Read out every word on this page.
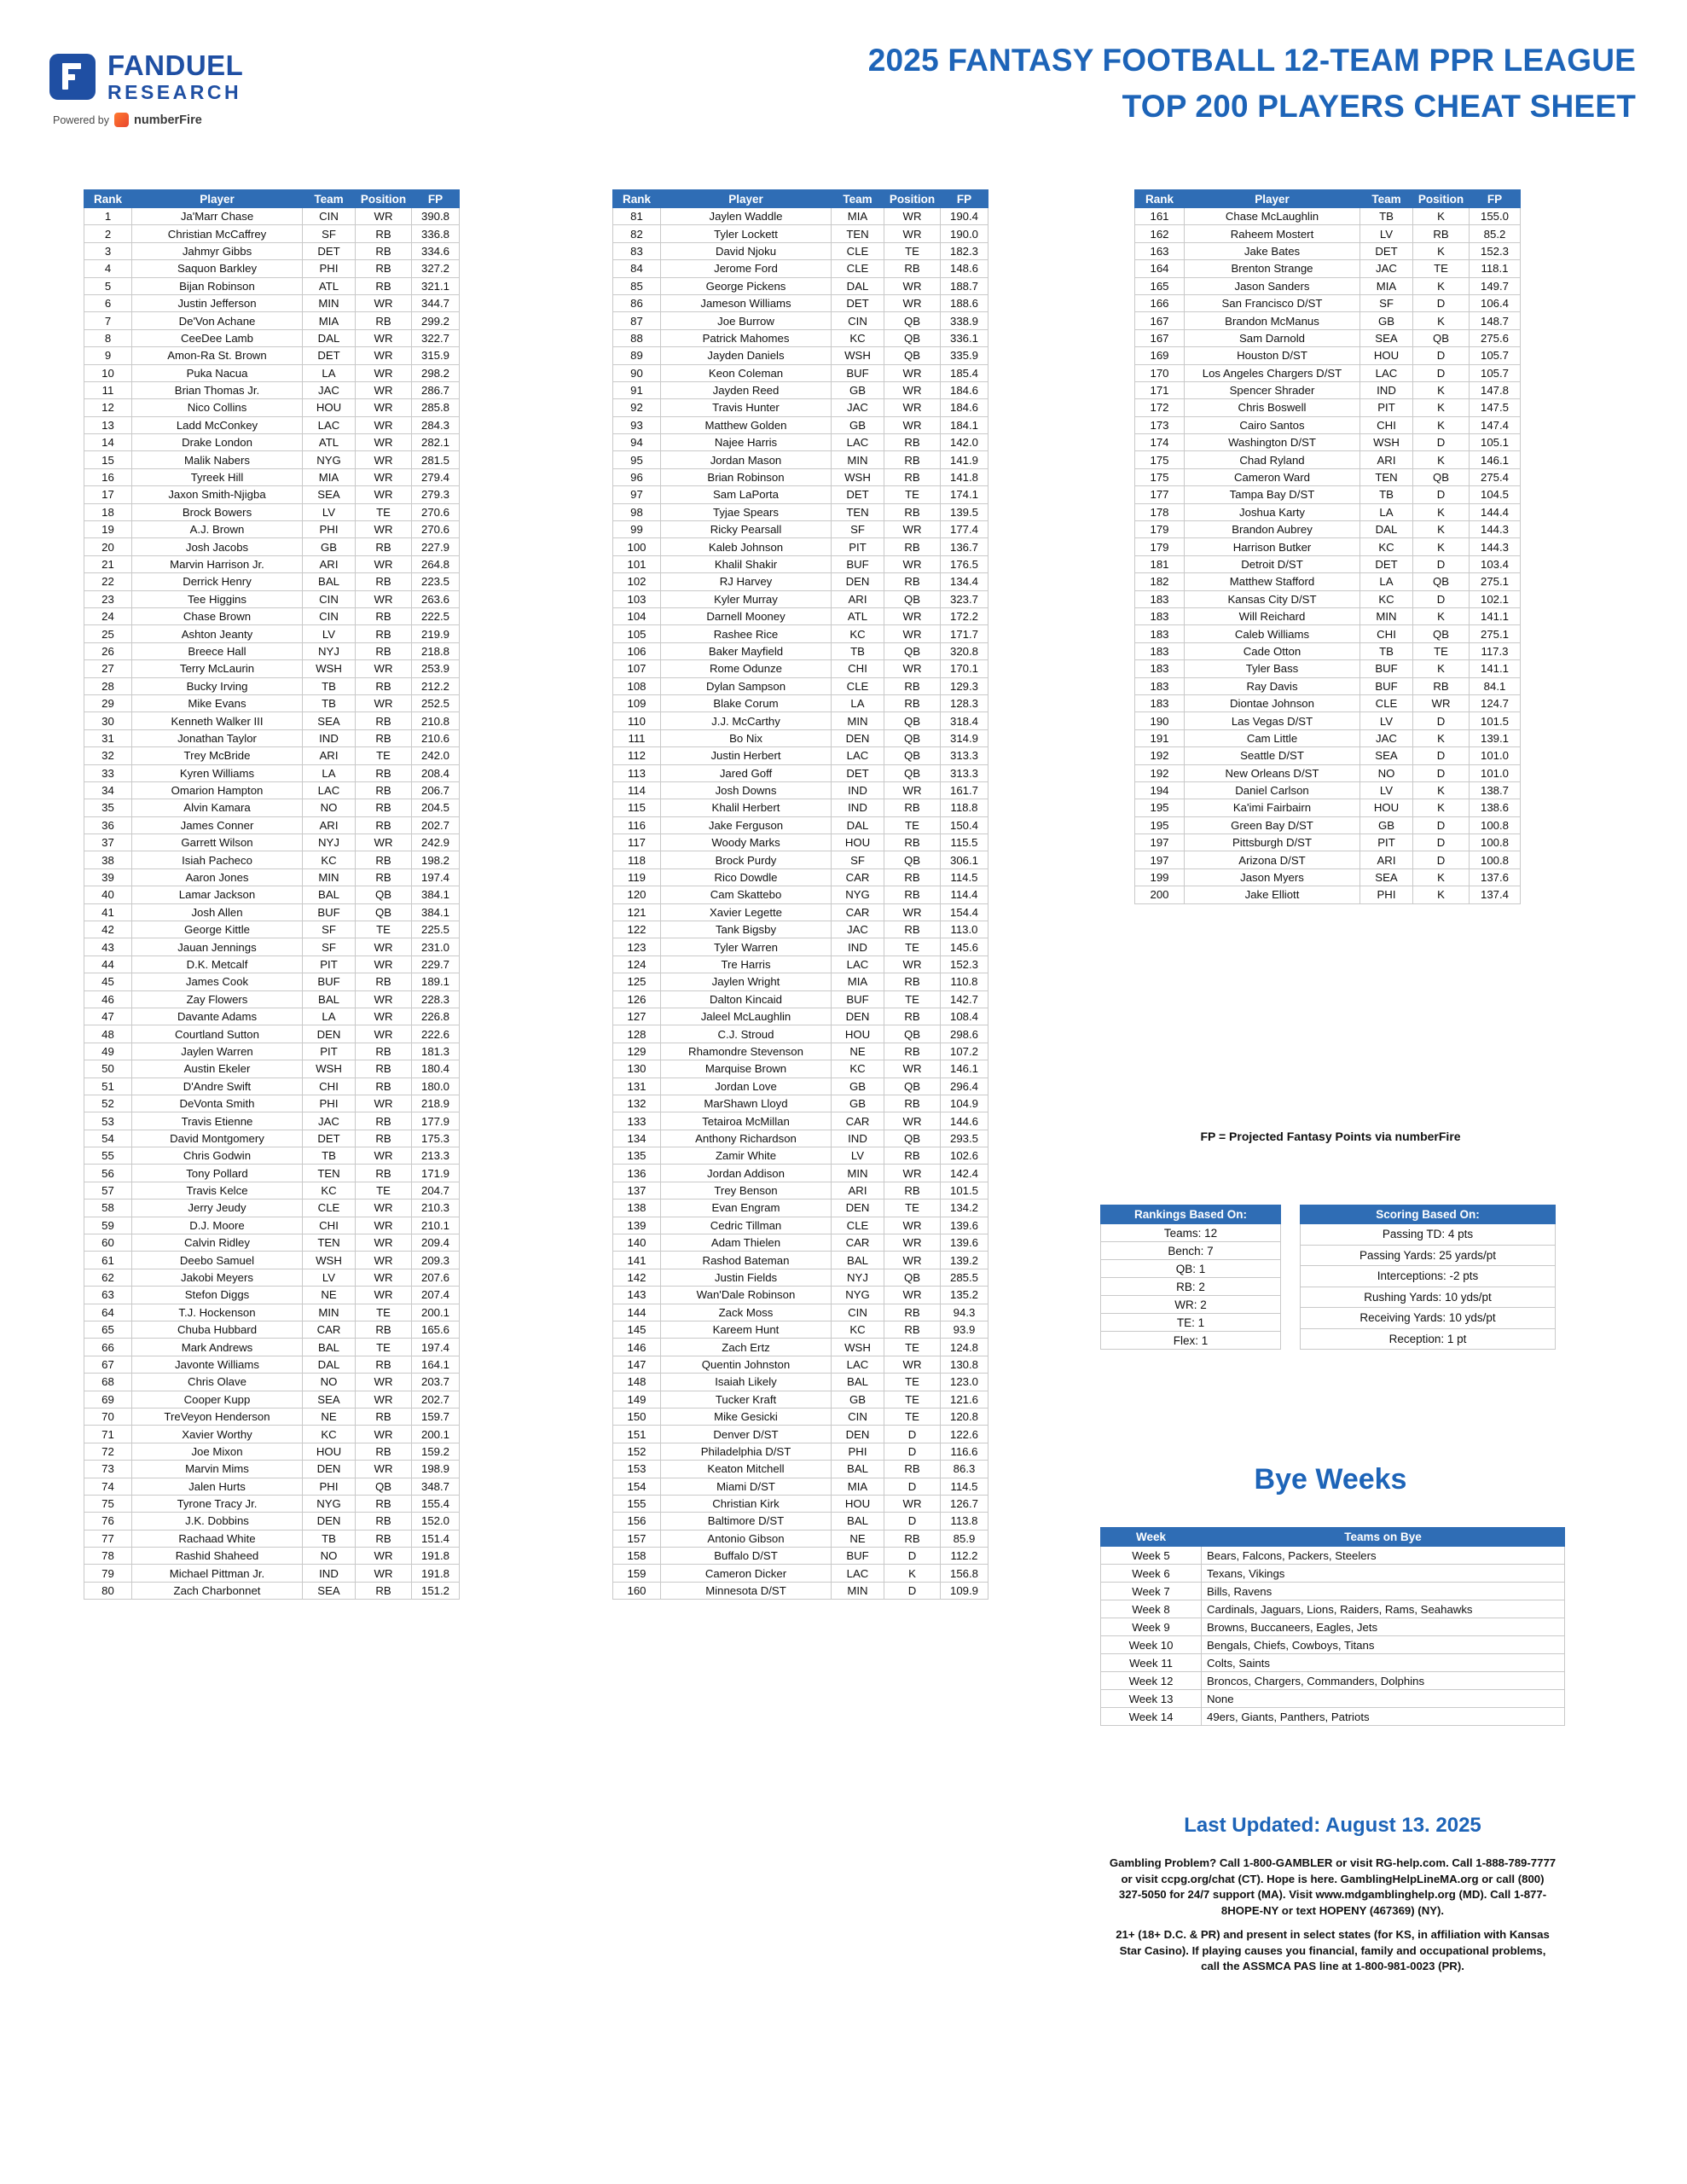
FANDUEL
RESEARCH
Powered by numberFire
2025 FANTASY FOOTBALL 12-TEAM PPR LEAGUE
TOP 200 PLAYERS CHEAT SHEET
Rank	Player	Team	Position	FP
1	Ja'Marr Chase	CIN	WR	390.8
2	Christian McCaffrey	SF	RB	336.8
3	Jahmyr Gibbs	DET	RB	334.6
4	Saquon Barkley	PHI	RB	327.2
5	Bijan Robinson	ATL	RB	321.1
6	Justin Jefferson	MIN	WR	344.7
7	De'Von Achane	MIA	RB	299.2
8	CeeDee Lamb	DAL	WR	322.7
9	Amon-Ra St. Brown	DET	WR	315.9
10	Puka Nacua	LA	WR	298.2
11	Brian Thomas Jr.	JAC	WR	286.7
12	Nico Collins	HOU	WR	285.8
13	Ladd McConkey	LAC	WR	284.3
14	Drake London	ATL	WR	282.1
15	Malik Nabers	NYG	WR	281.5
16	Tyreek Hill	MIA	WR	279.4
17	Jaxon Smith-Njigba	SEA	WR	279.3
18	Brock Bowers	LV	TE	270.6
19	A.J. Brown	PHI	WR	270.6
20	Josh Jacobs	GB	RB	227.9
21	Marvin Harrison Jr.	ARI	WR	264.8
22	Derrick Henry	BAL	RB	223.5
23	Tee Higgins	CIN	WR	263.6
24	Chase Brown	CIN	RB	222.5
25	Ashton Jeanty	LV	RB	219.9
26	Breece Hall	NYJ	RB	218.8
27	Terry McLaurin	WSH	WR	253.9
28	Bucky Irving	TB	RB	212.2
29	Mike Evans	TB	WR	252.5
30	Kenneth Walker III	SEA	RB	210.8
31	Jonathan Taylor	IND	RB	210.6
32	Trey McBride	ARI	TE	242.0
33	Kyren Williams	LA	RB	208.4
34	Omarion Hampton	LAC	RB	206.7
35	Alvin Kamara	NO	RB	204.5
36	James Conner	ARI	RB	202.7
37	Garrett Wilson	NYJ	WR	242.9
38	Isiah Pacheco	KC	RB	198.2
39	Aaron Jones	MIN	RB	197.4
40	Lamar Jackson	BAL	QB	384.1
41	Josh Allen	BUF	QB	384.1
42	George Kittle	SF	TE	225.5
43	Jauan Jennings	SF	WR	231.0
44	D.K. Metcalf	PIT	WR	229.7
45	James Cook	BUF	RB	189.1
46	Zay Flowers	BAL	WR	228.3
47	Davante Adams	LA	WR	226.8
48	Courtland Sutton	DEN	WR	222.6
49	Jaylen Warren	PIT	RB	181.3
50	Austin Ekeler	WSH	RB	180.4
51	D'Andre Swift	CHI	RB	180.0
52	DeVonta Smith	PHI	WR	218.9
53	Travis Etienne	JAC	RB	177.9
54	David Montgomery	DET	RB	175.3
55	Chris Godwin	TB	WR	213.3
56	Tony Pollard	TEN	RB	171.9
57	Travis Kelce	KC	TE	204.7
58	Jerry Jeudy	CLE	WR	210.3
59	D.J. Moore	CHI	WR	210.1
60	Calvin Ridley	TEN	WR	209.4
61	Deebo Samuel	WSH	WR	209.3
62	Jakobi Meyers	LV	WR	207.6
63	Stefon Diggs	NE	WR	207.4
64	T.J. Hockenson	MIN	TE	200.1
65	Chuba Hubbard	CAR	RB	165.6
66	Mark Andrews	BAL	TE	197.4
67	Javonte Williams	DAL	RB	164.1
68	Chris Olave	NO	WR	203.7
69	Cooper Kupp	SEA	WR	202.7
70	TreVeyon Henderson	NE	RB	159.7
71	Xavier Worthy	KC	WR	200.1
72	Joe Mixon	HOU	RB	159.2
73	Marvin Mims	DEN	WR	198.9
74	Jalen Hurts	PHI	QB	348.7
75	Tyrone Tracy Jr.	NYG	RB	155.4
76	J.K. Dobbins	DEN	RB	152.0
77	Rachaad White	TB	RB	151.4
78	Rashid Shaheed	NO	WR	191.8
79	Michael Pittman Jr.	IND	WR	191.8
80	Zach Charbonnet	SEA	RB	151.2
Rank	Player	Team	Position	FP
81	Jaylen Waddle	MIA	WR	190.4
82	Tyler Lockett	TEN	WR	190.0
83	David Njoku	CLE	TE	182.3
84	Jerome Ford	CLE	RB	148.6
85	George Pickens	DAL	WR	188.7
86	Jameson Williams	DET	WR	188.6
87	Joe Burrow	CIN	QB	338.9
88	Patrick Mahomes	KC	QB	336.1
89	Jayden Daniels	WSH	QB	335.9
90	Keon Coleman	BUF	WR	185.4
91	Jayden Reed	GB	WR	184.6
92	Travis Hunter	JAC	WR	184.6
93	Matthew Golden	GB	WR	184.1
94	Najee Harris	LAC	RB	142.0
95	Jordan Mason	MIN	RB	141.9
96	Brian Robinson	WSH	RB	141.8
97	Sam LaPorta	DET	TE	174.1
98	Tyjae Spears	TEN	RB	139.5
99	Ricky Pearsall	SF	WR	177.4
100	Kaleb Johnson	PIT	RB	136.7
101	Khalil Shakir	BUF	WR	176.5
102	RJ Harvey	DEN	RB	134.4
103	Kyler Murray	ARI	QB	323.7
104	Darnell Mooney	ATL	WR	172.2
105	Rashee Rice	KC	WR	171.7
106	Baker Mayfield	TB	QB	320.8
107	Rome Odunze	CHI	WR	170.1
108	Dylan Sampson	CLE	RB	129.3
109	Blake Corum	LA	RB	128.3
110	J.J. McCarthy	MIN	QB	318.4
111	Bo Nix	DEN	QB	314.9
112	Justin Herbert	LAC	QB	313.3
113	Jared Goff	DET	QB	313.3
114	Josh Downs	IND	WR	161.7
115	Khalil Herbert	IND	RB	118.8
116	Jake Ferguson	DAL	TE	150.4
117	Woody Marks	HOU	RB	115.5
118	Brock Purdy	SF	QB	306.1
119	Rico Dowdle	CAR	RB	114.5
120	Cam Skattebo	NYG	RB	114.4
121	Xavier Legette	CAR	WR	154.4
122	Tank Bigsby	JAC	RB	113.0
123	Tyler Warren	IND	TE	145.6
124	Tre Harris	LAC	WR	152.3
125	Jaylen Wright	MIA	RB	110.8
126	Dalton Kincaid	BUF	TE	142.7
127	Jaleel McLaughlin	DEN	RB	108.4
128	C.J. Stroud	HOU	QB	298.6
129	Rhamondre Stevenson	NE	RB	107.2
130	Marquise Brown	KC	WR	146.1
131	Jordan Love	GB	QB	296.4
132	MarShawn Lloyd	GB	RB	104.9
133	Tetairoa McMillan	CAR	WR	144.6
134	Anthony Richardson	IND	QB	293.5
135	Zamir White	LV	RB	102.6
136	Jordan Addison	MIN	WR	142.4
137	Trey Benson	ARI	RB	101.5
138	Evan Engram	DEN	TE	134.2
139	Cedric Tillman	CLE	WR	139.6
140	Adam Thielen	CAR	WR	139.6
141	Rashod Bateman	BAL	WR	139.2
142	Justin Fields	NYJ	QB	285.5
143	Wan'Dale Robinson	NYG	WR	135.2
144	Zack Moss	CIN	RB	94.3
145	Kareem Hunt	KC	RB	93.9
146	Zach Ertz	WSH	TE	124.8
147	Quentin Johnston	LAC	WR	130.8
148	Isaiah Likely	BAL	TE	123.0
149	Tucker Kraft	GB	TE	121.6
150	Mike Gesicki	CIN	TE	120.8
151	Denver D/ST	DEN	D	122.6
152	Philadelphia D/ST	PHI	D	116.6
153	Keaton Mitchell	BAL	RB	86.3
154	Miami D/ST	MIA	D	114.5
155	Christian Kirk	HOU	WR	126.7
156	Baltimore D/ST	BAL	D	113.8
157	Antonio Gibson	NE	RB	85.9
158	Buffalo D/ST	BUF	D	112.2
159	Cameron Dicker	LAC	K	156.8
160	Minnesota D/ST	MIN	D	109.9
Rank	Player	Team	Position	FP
161	Chase McLaughlin	TB	K	155.0
162	Raheem Mostert	LV	RB	85.2
163	Jake Bates	DET	K	152.3
164	Brenton Strange	JAC	TE	118.1
165	Jason Sanders	MIA	K	149.7
166	San Francisco D/ST	SF	D	106.4
167	Brandon McManus	GB	K	148.7
167	Sam Darnold	SEA	QB	275.6
169	Houston D/ST	HOU	D	105.7
170	Los Angeles Chargers D/ST	LAC	D	105.7
171	Spencer Shrader	IND	K	147.8
172	Chris Boswell	PIT	K	147.5
173	Cairo Santos	CHI	K	147.4
174	Washington D/ST	WSH	D	105.1
175	Chad Ryland	ARI	K	146.1
175	Cameron Ward	TEN	QB	275.4
177	Tampa Bay D/ST	TB	D	104.5
178	Joshua Karty	LA	K	144.4
179	Brandon Aubrey	DAL	K	144.3
179	Harrison Butker	KC	K	144.3
181	Detroit D/ST	DET	D	103.4
182	Matthew Stafford	LA	QB	275.1
183	Kansas City D/ST	KC	D	102.1
183	Will Reichard	MIN	K	141.1
183	Caleb Williams	CHI	QB	275.1
183	Cade Otton	TB	TE	117.3
183	Tyler Bass	BUF	K	141.1
183	Ray Davis	BUF	RB	84.1
183	Diontae Johnson	CLE	WR	124.7
190	Las Vegas D/ST	LV	D	101.5
191	Cam Little	JAC	K	139.1
192	Seattle D/ST	SEA	D	101.0
192	New Orleans D/ST	NO	D	101.0
194	Daniel Carlson	LV	K	138.7
195	Ka'imi Fairbairn	HOU	K	138.6
195	Green Bay D/ST	GB	D	100.8
197	Pittsburgh D/ST	PIT	D	100.8
197	Arizona D/ST	ARI	D	100.8
199	Jason Myers	SEA	K	137.6
200	Jake Elliott	PHI	K	137.4
FP = Projected Fantasy Points via numberFire
Rankings Based On:
Teams: 12
Bench: 7
QB: 1
RB: 2
WR: 2
TE: 1
Flex: 1
Scoring Based On:
Passing TD: 4 pts
Passing Yards: 25 yards/pt
Interceptions: -2 pts
Rushing Yards: 10 yds/pt
Receiving Yards: 10 yds/pt
Reception: 1 pt
Bye Weeks
Week	Teams on Bye
Week 5	Bears, Falcons, Packers, Steelers
Week 6	Texans, Vikings
Week 7	Bills, Ravens
Week 8	Cardinals, Jaguars, Lions, Raiders, Rams, Seahawks
Week 9	Browns, Buccaneers, Eagles, Jets
Week 10	Bengals, Chiefs, Cowboys, Titans
Week 11	Colts, Saints
Week 12	Broncos, Chargers, Commanders, Dolphins
Week 13	None
Week 14	49ers, Giants, Panthers, Patriots
Last Updated: August 13. 2025

Gambling Problem? Call 1-800-GAMBLER or visit RG-help.com. Call 1-888-789-7777 or visit ccpg.org/chat (CT). Hope is here. GamblingHelpLineMA.org or call (800) 327-5050 for 24/7 support (MA). Visit www.mdgamblinghelp.org (MD). Call 1-877-8HOPE-NY or text HOPENY (467369) (NY).

21+ (18+ D.C. & PR) and present in select states (for KS, in affiliation with Kansas Star Casino). If playing causes you financial, family and occupational problems, call the ASSMCA PAS line at 1-800-981-0023 (PR).
